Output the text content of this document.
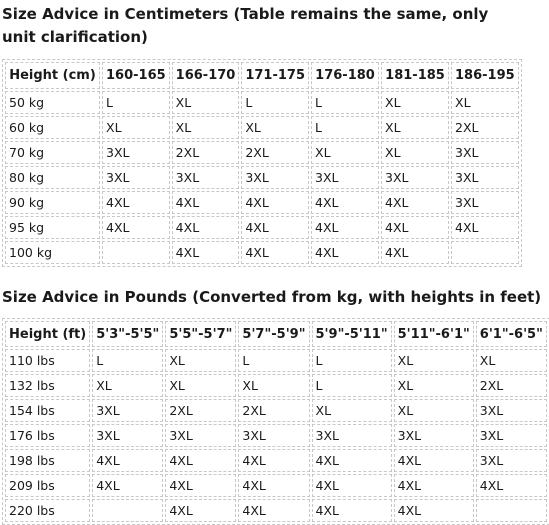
Size Advice in Centimeters (Table remains the same, only unit clarification)
Height (cm)	160-165	166-170	171-175	176-180	181-185	186-195
50 kg	L	XL	L	L	XL	XL
60 kg	XL	XL	XL	L	XL	2XL
70 kg	3XL	2XL	2XL	XL	XL	3XL
80 kg	3XL	3XL	3XL	3XL	3XL	3XL
90 kg	4XL	4XL	4XL	4XL	4XL	3XL
95 kg	4XL	4XL	4XL	4XL	4XL	4XL
100 kg		4XL	4XL	4XL	4XL	
Size Advice in Pounds (Converted from kg, with heights in feet)
Height (ft)	5'3"-5'5"	5'5"-5'7"	5'7"-5'9"	5'9"-5'11"	5'11"-6'1"	6'1"-6'5"
110 lbs	L	XL	L	L	XL	XL
132 lbs	XL	XL	XL	L	XL	2XL
154 lbs	3XL	2XL	2XL	XL	XL	3XL
176 lbs	3XL	3XL	3XL	3XL	3XL	3XL
198 lbs	4XL	4XL	4XL	4XL	4XL	3XL
209 lbs	4XL	4XL	4XL	4XL	4XL	4XL
220 lbs		4XL	4XL	4XL	4XL	
